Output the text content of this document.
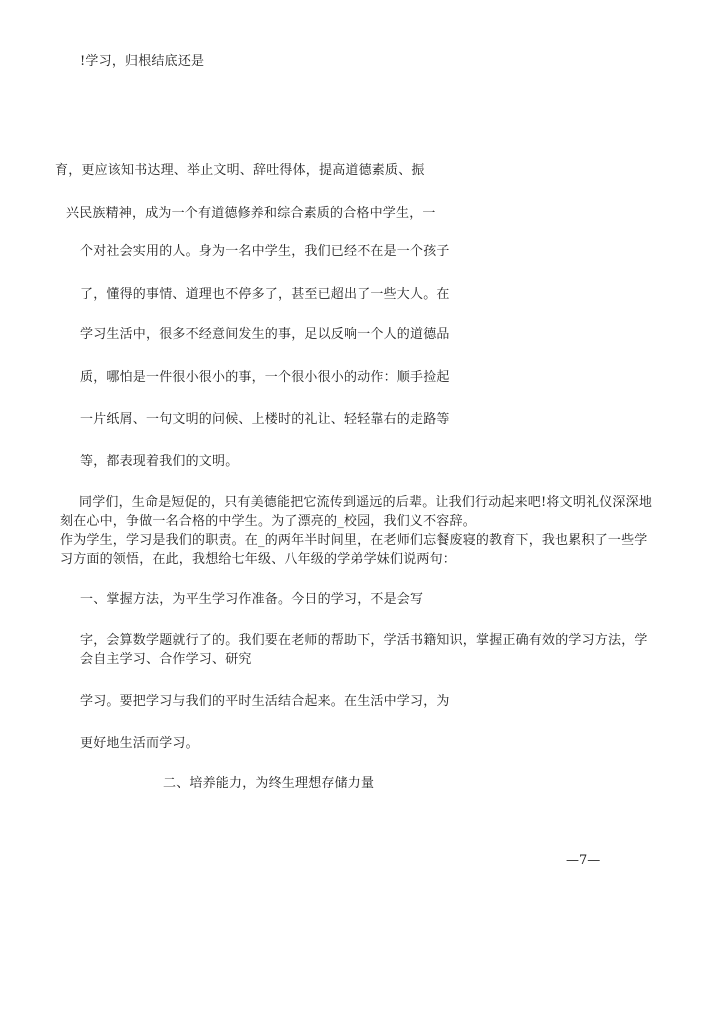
!学习，归根结底还是
育，更应该知书达理、举止文明、辞吐得体，提高道德素质、振
兴民族精神，成为一个有道德修养和综合素质的合格中学生，一
个对社会实用的人。身为一名中学生，我们已经不在是一个孩子
了，懂得的事情、道理也不停多了，甚至已超出了一些大人。在
学习生活中，很多不经意间发生的事，足以反响一个人的道德品
质，哪怕是一件很小很小的事，一个很小很小的动作：顺手捡起
一片纸屑、一句文明的问候、上楼时的礼让、轻轻靠右的走路等
等，都表现着我们的文明。
同学们，生命是短促的，只有美德能把它流传到遥远的后辈。让我们行动起来吧!将文明礼仪深深地刻在心中，争做一名合格的中学生。为了漂亮的_校园，我们义不容辞。
作为学生，学习是我们的职责。在_的两年半时间里，在老师们忘餐废寝的教育下，我也累积了一些学习方面的领悟，在此，我想给七年级、八年级的学弟学妹们说两句：
一、掌握方法，为平生学习作准备。今日的学习，不是会写
字，会算数学题就行了的。我们要在老师的帮助下，学活书籍知识，掌握正确有效的学习方法，学会自主学习、合作学习、研究
学习。要把学习与我们的平时生活结合起来。在生活中学习，为
更好地生活而学习。
二、培养能力，为终生理想存储力量
—7—
